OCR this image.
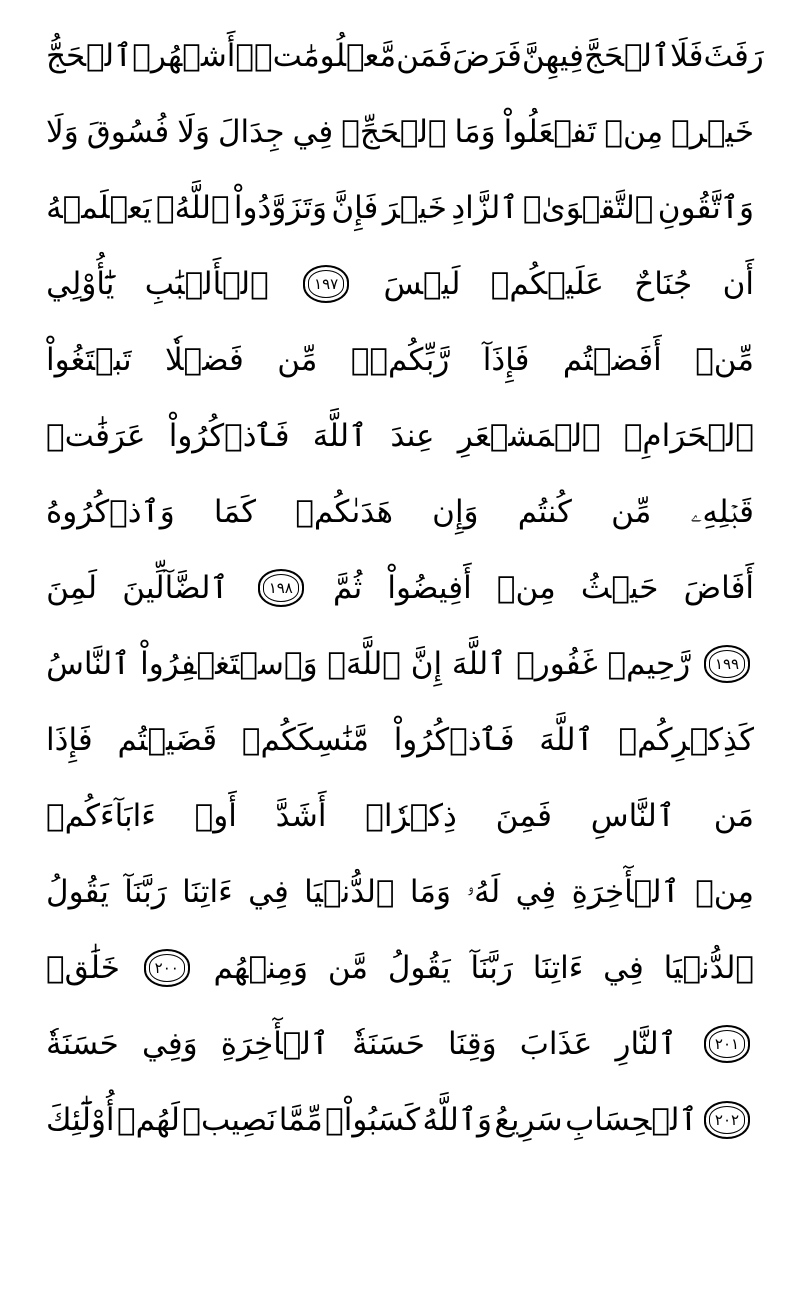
ٱلۡحَجُّ أَشۡهُرٞ مَّعۡلُومَٰتٞۚ فَمَن فَرَضَ فِيهِنَّ ٱلۡحَجَّ فَلَا رَفَثَ
وَلَا فُسُوقَ وَلَا جِدَالَ فِي ٱلۡحَجِّۗ وَمَا تَفۡعَلُواْ مِنۡ خَيۡرٖ
يَعۡلَمۡهُ ٱللَّهُۗ وَتَزَوَّدُواْ فَإِنَّ خَيۡرَ ٱلزَّادِ ٱلتَّقۡوَىٰۖ وَٱتَّقُونِ
يَٰٓأُوْلِي ٱلۡأَلۡبَٰبِ	١٩٧	لَيۡسَ عَلَيۡكُمۡ جُنَاحٌ أَن
تَبۡتَغُواْ فَضۡلٗا مِّن رَّبِّكُمۡۚ فَإِذَآ أَفَضۡتُم مِّنۡ
عَرَفَٰتٖ فَٱذۡكُرُواْ ٱللَّهَ عِندَ ٱلۡمَشۡعَرِ ٱلۡحَرَامِۖ
وَٱذۡكُرُوهُ كَمَا هَدَىٰكُمۡ وَإِن كُنتُم مِّن قَبۡلِهِۦ
لَمِنَ ٱلضَّآلِّينَ	١٩٨	ثُمَّ أَفِيضُواْ مِنۡ حَيۡثُ أَفَاضَ
ٱلنَّاسُ وَٱسۡتَغۡفِرُواْ ٱللَّهَۚ إِنَّ ٱللَّهَ غَفُورٞ رَّحِيمٞ	١٩٩
فَإِذَا قَضَيۡتُم مَّنَٰسِكَكُمۡ فَٱذۡكُرُواْ ٱللَّهَ كَذِكۡرِكُمۡ
ءَابَآءَكُمۡ أَوۡ أَشَدَّ ذِكۡرٗاۗ فَمِنَ ٱلنَّاسِ مَن
يَقُولُ رَبَّنَآ ءَاتِنَا فِي ٱلدُّنۡيَا وَمَا لَهُۥ فِي ٱلۡأٓخِرَةِ مِنۡ
خَلَٰقٖ	٢٠٠	وَمِنۡهُم مَّن يَقُولُ رَبَّنَآ ءَاتِنَا فِي ٱلدُّنۡيَا
حَسَنَةٗ وَفِي ٱلۡأٓخِرَةِ حَسَنَةٗ وَقِنَا عَذَابَ ٱلنَّارِ	٢٠١
أُوْلَٰٓئِكَ لَهُمۡ نَصِيبٞ مِّمَّا كَسَبُواْۚ وَٱللَّهُ سَرِيعُ ٱلۡحِسَابِ	٢٠٢
